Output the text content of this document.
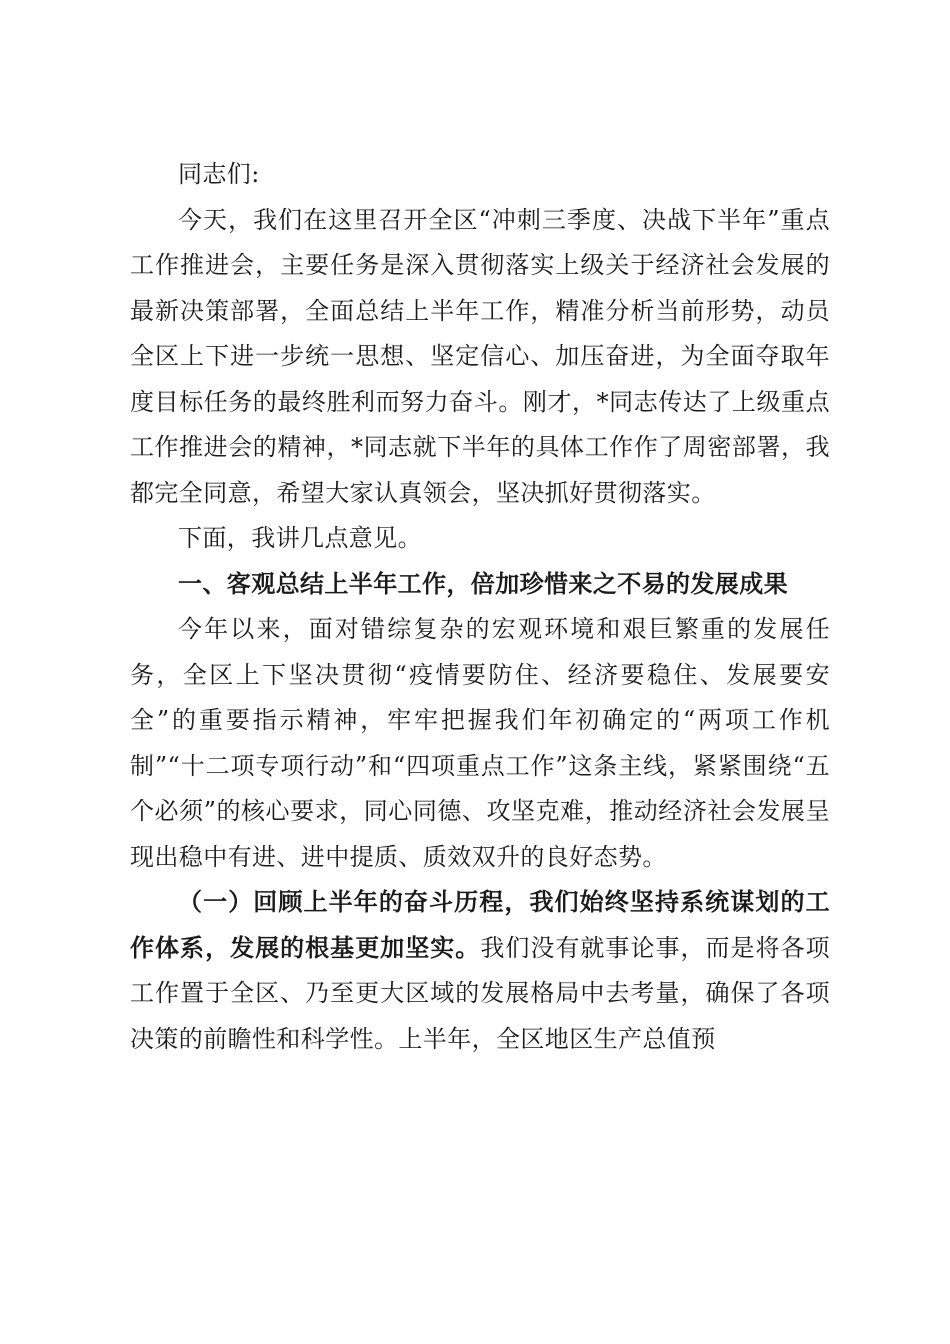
同志们:

今天，我们在这里召开全区“冲刺三季度、决战下半年”重点工作推进会，主要任务是深入贯彻落实上级关于经济社会发展的最新决策部署，全面总结上半年工作，精准分析当前形势，动员全区上下进一步统一思想、坚定信心、加压奋进，为全面夺取年度目标任务的最终胜利而努力奋斗。刚才，*同志传达了上级重点工作推进会的精神，*同志就下半年的具体工作作了周密部署，我都完全同意，希望大家认真领会，坚决抓好贯彻落实。

下面，我讲几点意见。

一、客观总结上半年工作，倍加珍惜来之不易的发展成果

今年以来，面对错综复杂的宏观环境和艰巨繁重的发展任务，全区上下坚决贯彻“疫情要防住、经济要稳住、发展要安全”的重要指示精神，牢牢把握我们年初确定的“两项工作机制”“十二项专项行动”和“四项重点工作”这条主线，紧紧围绕“五个必须”的核心要求，同心同德、攻坚克难，推动经济社会发展呈现出稳中有进、进中提质、质效双升的良好态势。

（一）回顾上半年的奋斗历程，我们始终坚持系统谋划的工作体系，发展的根基更加坚实。我们没有就事论事，而是将各项工作置于全区、乃至更大区域的发展格局中去考量，确保了各项决策的前瞻性和科学性。上半年，全区地区生产总值预
